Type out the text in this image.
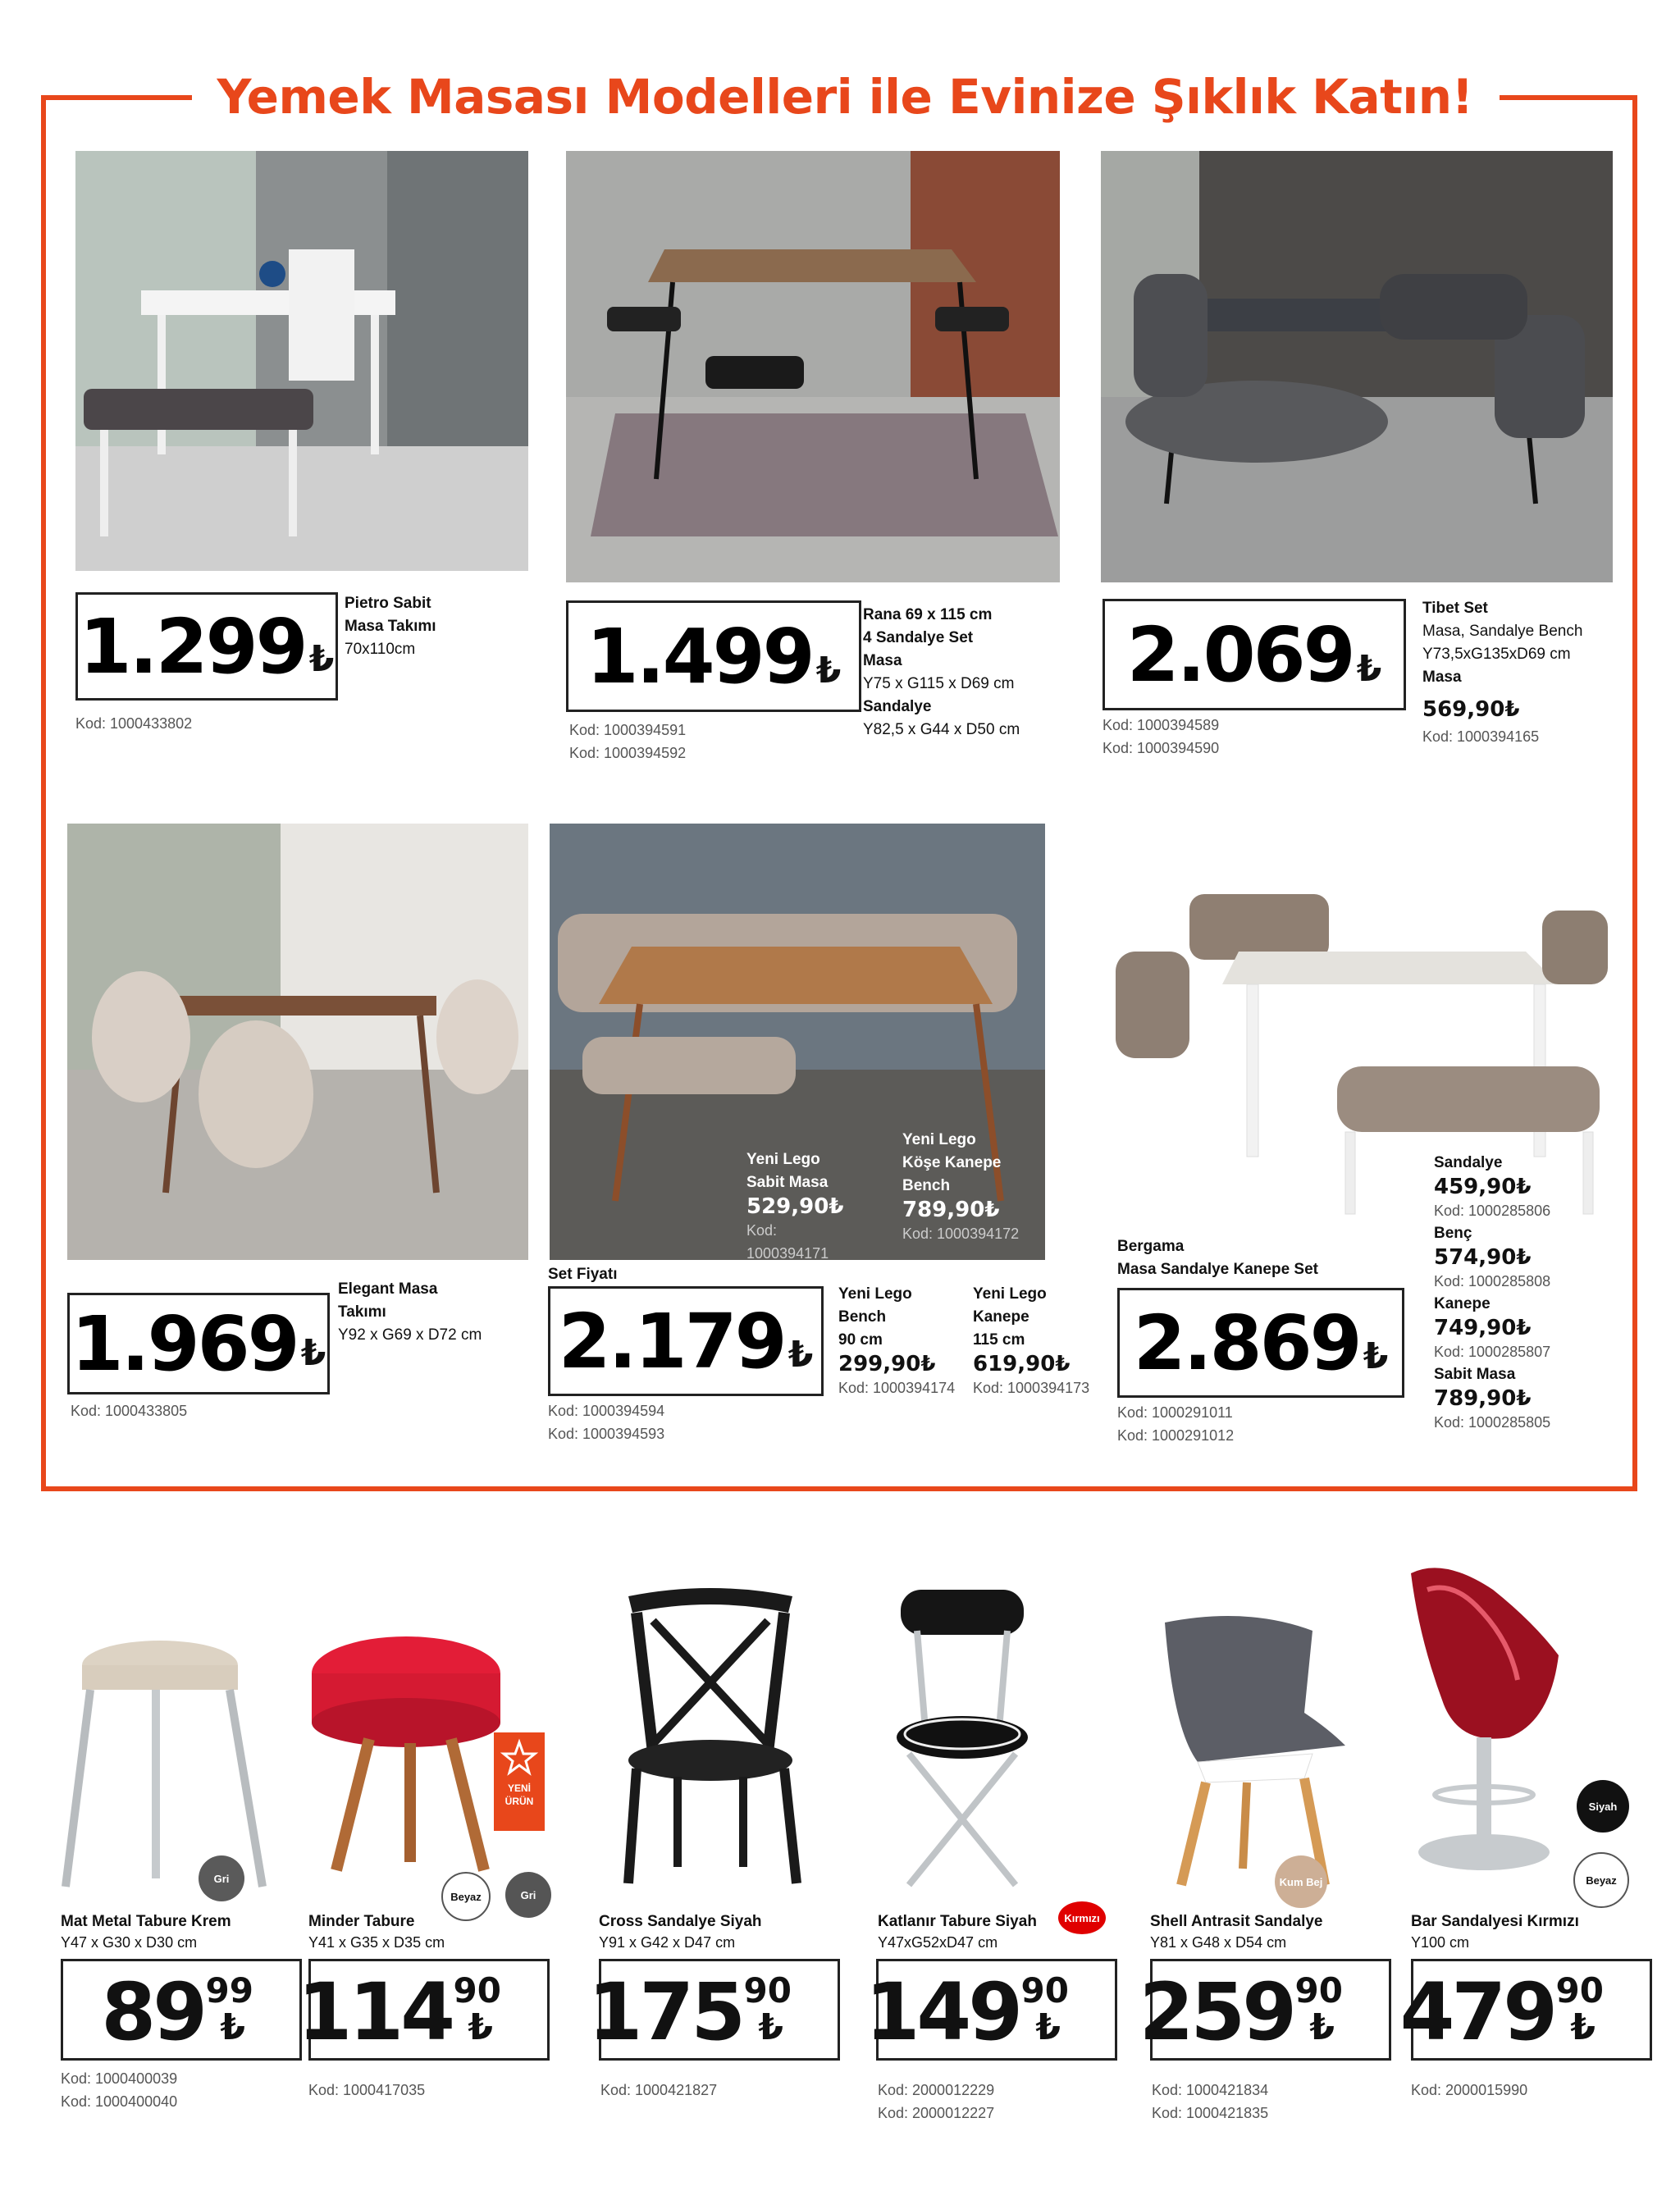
Yemek Masası Modelleri ile Evinize Şıklık Katın!
1.299 ₺
Pietro Sabit
Masa Takımı
70x110cm
Kod: 1000433802
1.499 ₺
Rana 69 x 115 cm
4 Sandalye Set
Masa
Y75 x G115 x D69 cm
Sandalye
Y82,5 x G44 x D50 cm
Kod: 1000394591
Kod: 1000394592
2.069 ₺
Tibet Set
Masa, Sandalye Bench
Y73,5xG135xD69 cm
Masa
569,90₺
Kod: 1000394165
Kod: 1000394589
Kod: 1000394590
1.969 ₺
Elegant Masa
Takımı
Y92 x G69 x D72 cm
Kod: 1000433805
Yeni Lego
Sabit Masa
529,90₺
Kod: 1000394171
Yeni Lego
Köşe Kanepe
Bench
789,90₺
Kod: 1000394172
Set Fiyatı
2.179 ₺
Yeni Lego
Bench
90 cm
299,90₺
Kod: 1000394174
Yeni Lego
Kanepe
115 cm
619,90₺
Kod: 1000394173
Kod: 1000394594
Kod: 1000394593
Bergama
Masa Sandalye Kanepe Set
2.869 ₺
Kod: 1000291011
Kod: 1000291012
Sandalye
459,90₺
Kod: 1000285806
Benç
574,90₺
Kod: 1000285808
Kanepe
749,90₺
Kod: 1000285807
Sabit Masa
789,90₺
Kod: 1000285805
Gri
Mat Metal Tabure Krem
Y47 x G30 x D30 cm
89 99
₺
Kod: 1000400039
Kod: 1000400040
YENİ
ÜRÜN
Beyaz	Gri
Minder Tabure
Y41 x G35 x D35 cm
114 90
₺
Kod: 1000417035
Cross Sandalye Siyah
Y91 x G42 x D47 cm
175 90
₺
Kod: 1000421827
Kırmızı
Katlanır Tabure Siyah
Y47xG52xD47 cm
149 90
₺
Kod: 2000012229
Kod: 2000012227
Kum Bej
Shell Antrasit Sandalye
Y81 x G48 x D54 cm
259 90
₺
Kod: 1000421834
Kod: 1000421835
Siyah
Beyaz
Bar Sandalyesi Kırmızı
Y100 cm
479 90
₺
Kod: 2000015990
